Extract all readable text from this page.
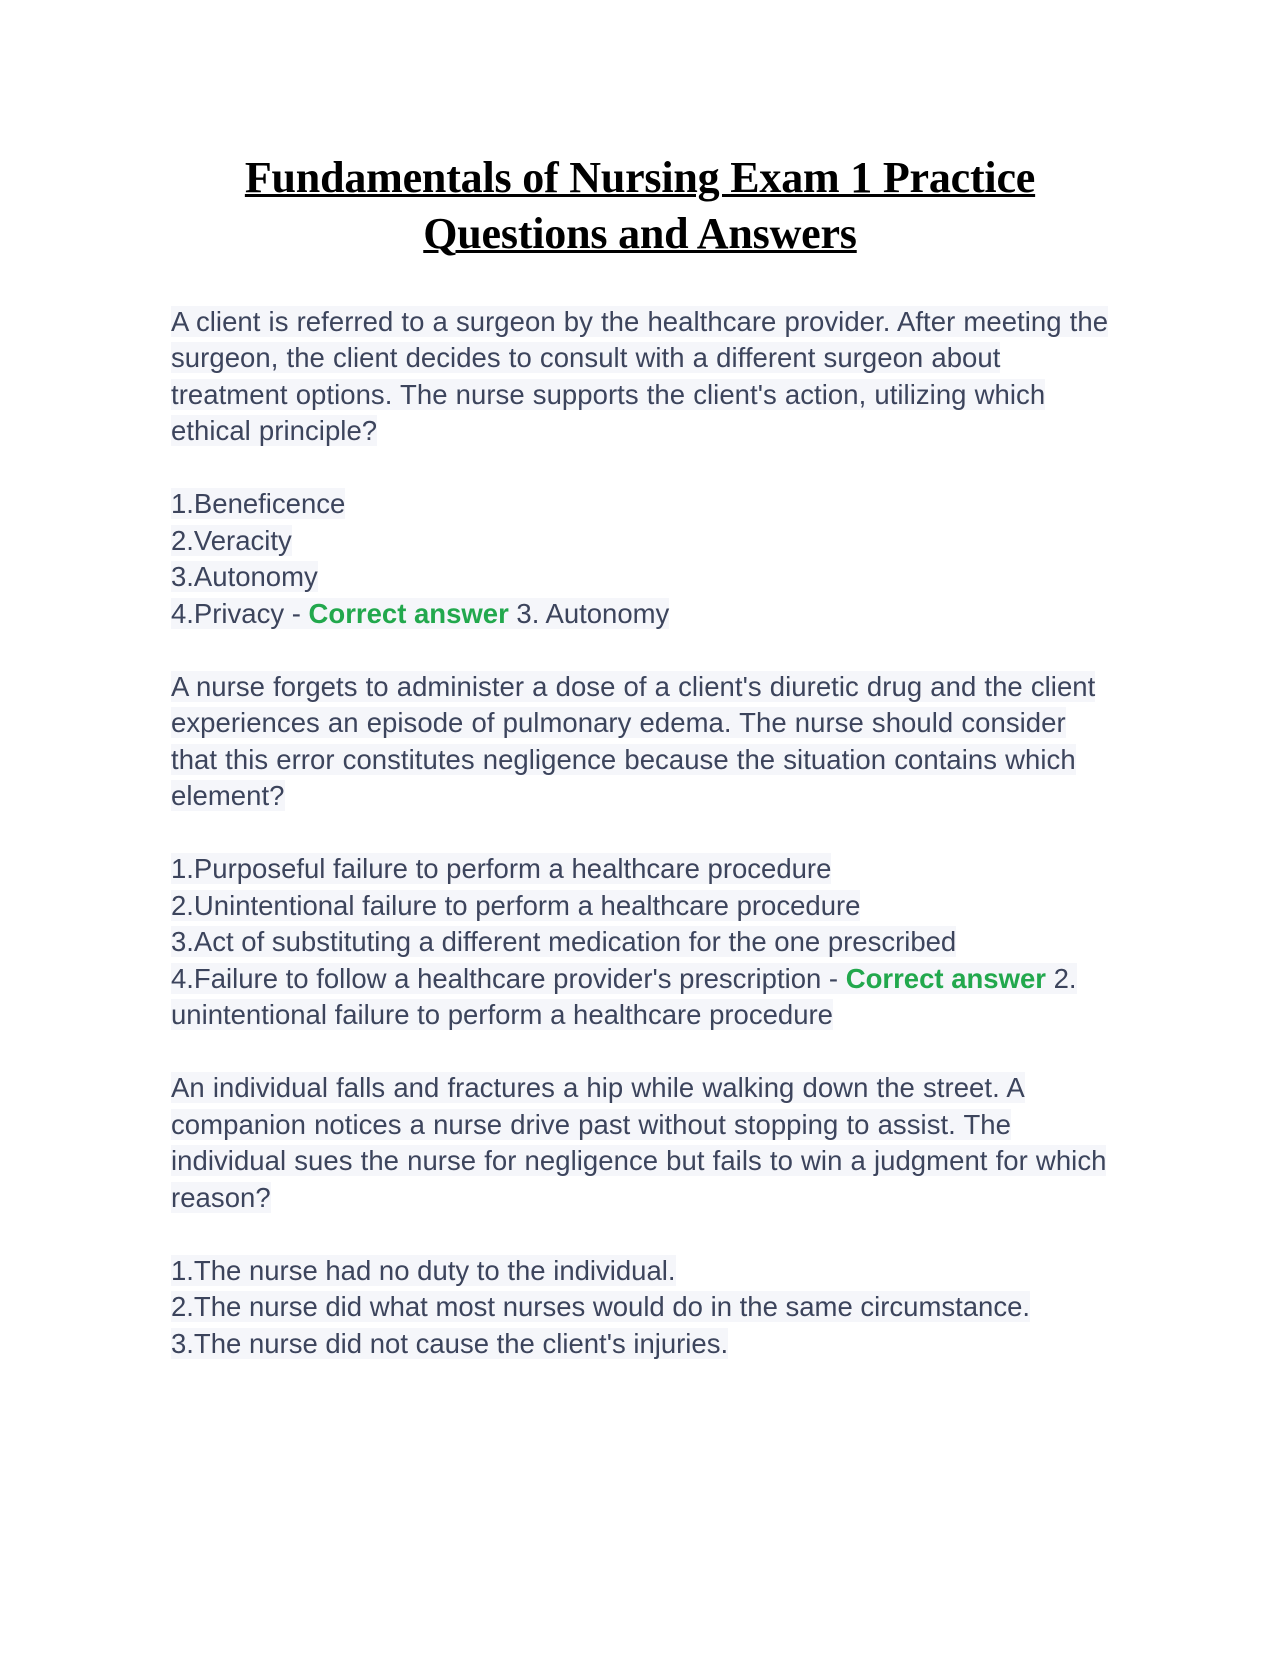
Fundamentals of Nursing Exam 1 Practice
Questions and Answers

A client is referred to a surgeon by the healthcare provider. After meeting the surgeon, the client decides to consult with a different surgeon about treatment options. The nurse supports the client's action, utilizing which ethical principle?

1.Beneficence
2.Veracity
3.Autonomy
4.Privacy - Correct answer 3. Autonomy

A nurse forgets to administer a dose of a client's diuretic drug and the client experiences an episode of pulmonary edema. The nurse should consider that this error constitutes negligence because the situation contains which element?

1.Purposeful failure to perform a healthcare procedure
2.Unintentional failure to perform a healthcare procedure
3.Act of substituting a different medication for the one prescribed
4.Failure to follow a healthcare provider's prescription - Correct answer 2. unintentional failure to perform a healthcare procedure

An individual falls and fractures a hip while walking down the street. A companion notices a nurse drive past without stopping to assist. The individual sues the nurse for negligence but fails to win a judgment for which reason?

1.The nurse had no duty to the individual.
2.The nurse did what most nurses would do in the same circumstance.
3.The nurse did not cause the client's injuries.
